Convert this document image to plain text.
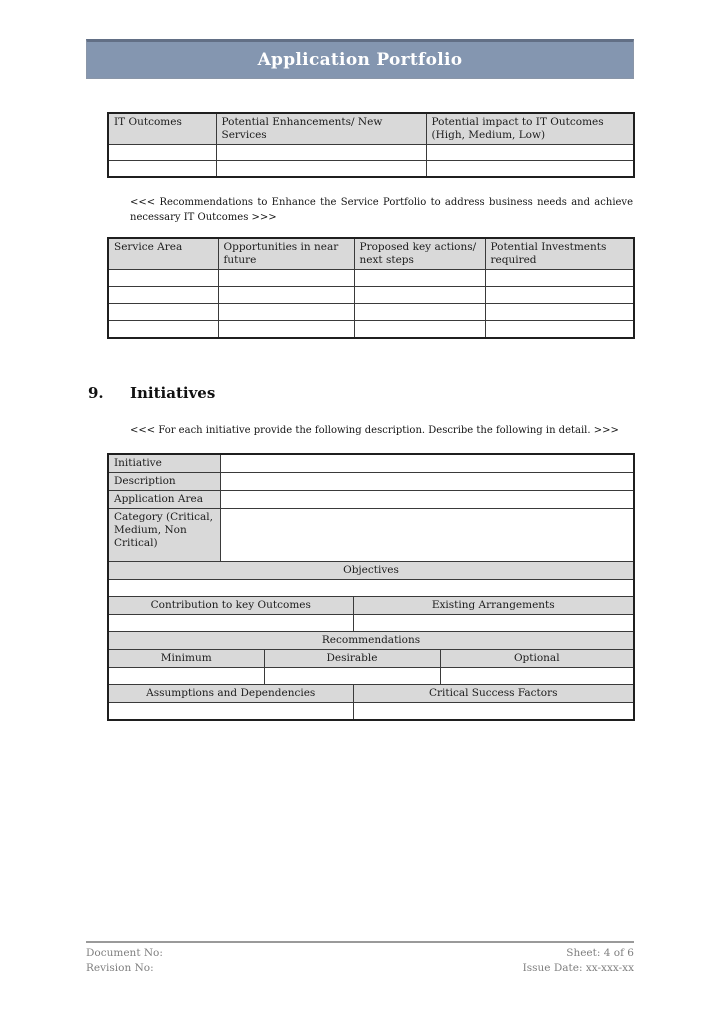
Application Portfolio
IT Outcomes	Potential Enhancements/ New Services	Potential impact to IT Outcomes (High, Medium, Low)

<<< Recommendations to Enhance the Service Portfolio to address business needs and achieve necessary IT Outcomes >>>

Service Area	Opportunities in near future	Proposed key actions/ next steps	Potential Investments required

9.	Initiatives

<<< For each initiative provide the following description. Describe the following in detail. >>>

Initiative				
Description				
Application Area				
Category (Critical, Medium, Non Critical)				
Objectives				

Contribution to key Outcomes			Existing Arrangements	

Recommendations				
Minimum		Desirable		Optional

Assumptions and Dependencies			Critical Success Factors	

Document No:
Revision No:
Sheet: 4 of 6
Issue Date: xx-xxx-xx
